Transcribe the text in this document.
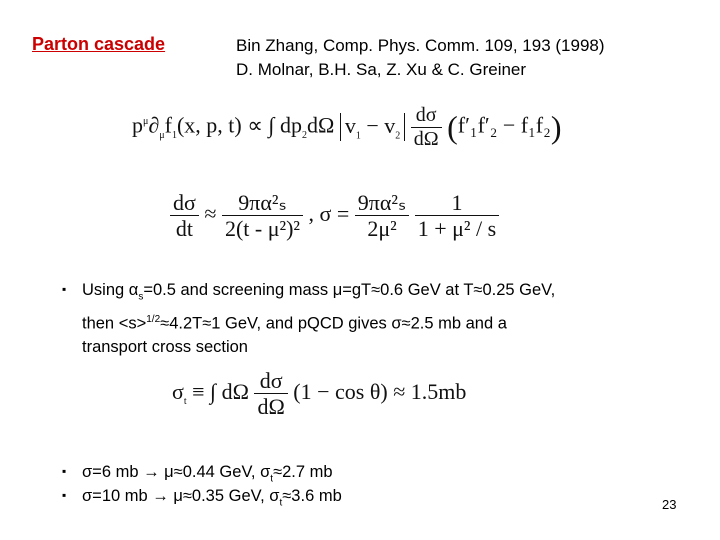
Parton cascade	Bin Zhang, Comp. Phys. Comm. 109, 193 (1998)
D. Molnar, B.H. Sa, Z. Xu & C. Greiner
$p^\mu\partial_\mu f_1(x$, p, t) ∝ ∫ $dp_2d\Omega$ $v_1 - v_2 \frac{d\sigma}{d\Omega} (f'_1f'_2 - f_1f_2)$
$\frac{d\sigma}{dt} \approx \frac{\text{9πα²ₛ}}{\text{2(t - μ²)²}}$ , $\sigma = \frac{\text{9πα²ₛ}}{\text{2μ²}}$
$\frac{1}{\text{1 + μ² / s}}$
▪ Using $\alpha_s=0.5$ and screening mass μ=gT≈0.6 GeV at T≈0.25 GeV,
then <s>$^{1/2}$≈4.2T≈1 GeV, and pQCD gives σ≈2.5 mb and a
transport cross section
$\sigma_t$ ≡ ∫ dΩ $\frac{d\sigma}{d\Omega} (1 - \cos \theta) \approx 1.5mb$
▪ σ=6 mb → μ≈0.44 GeV, $\sigma_t\approx 2.7$ mb
▪ σ=10 mb → μ≈0.35 GeV, $\sigma_t\approx 3.6$ mb	23
